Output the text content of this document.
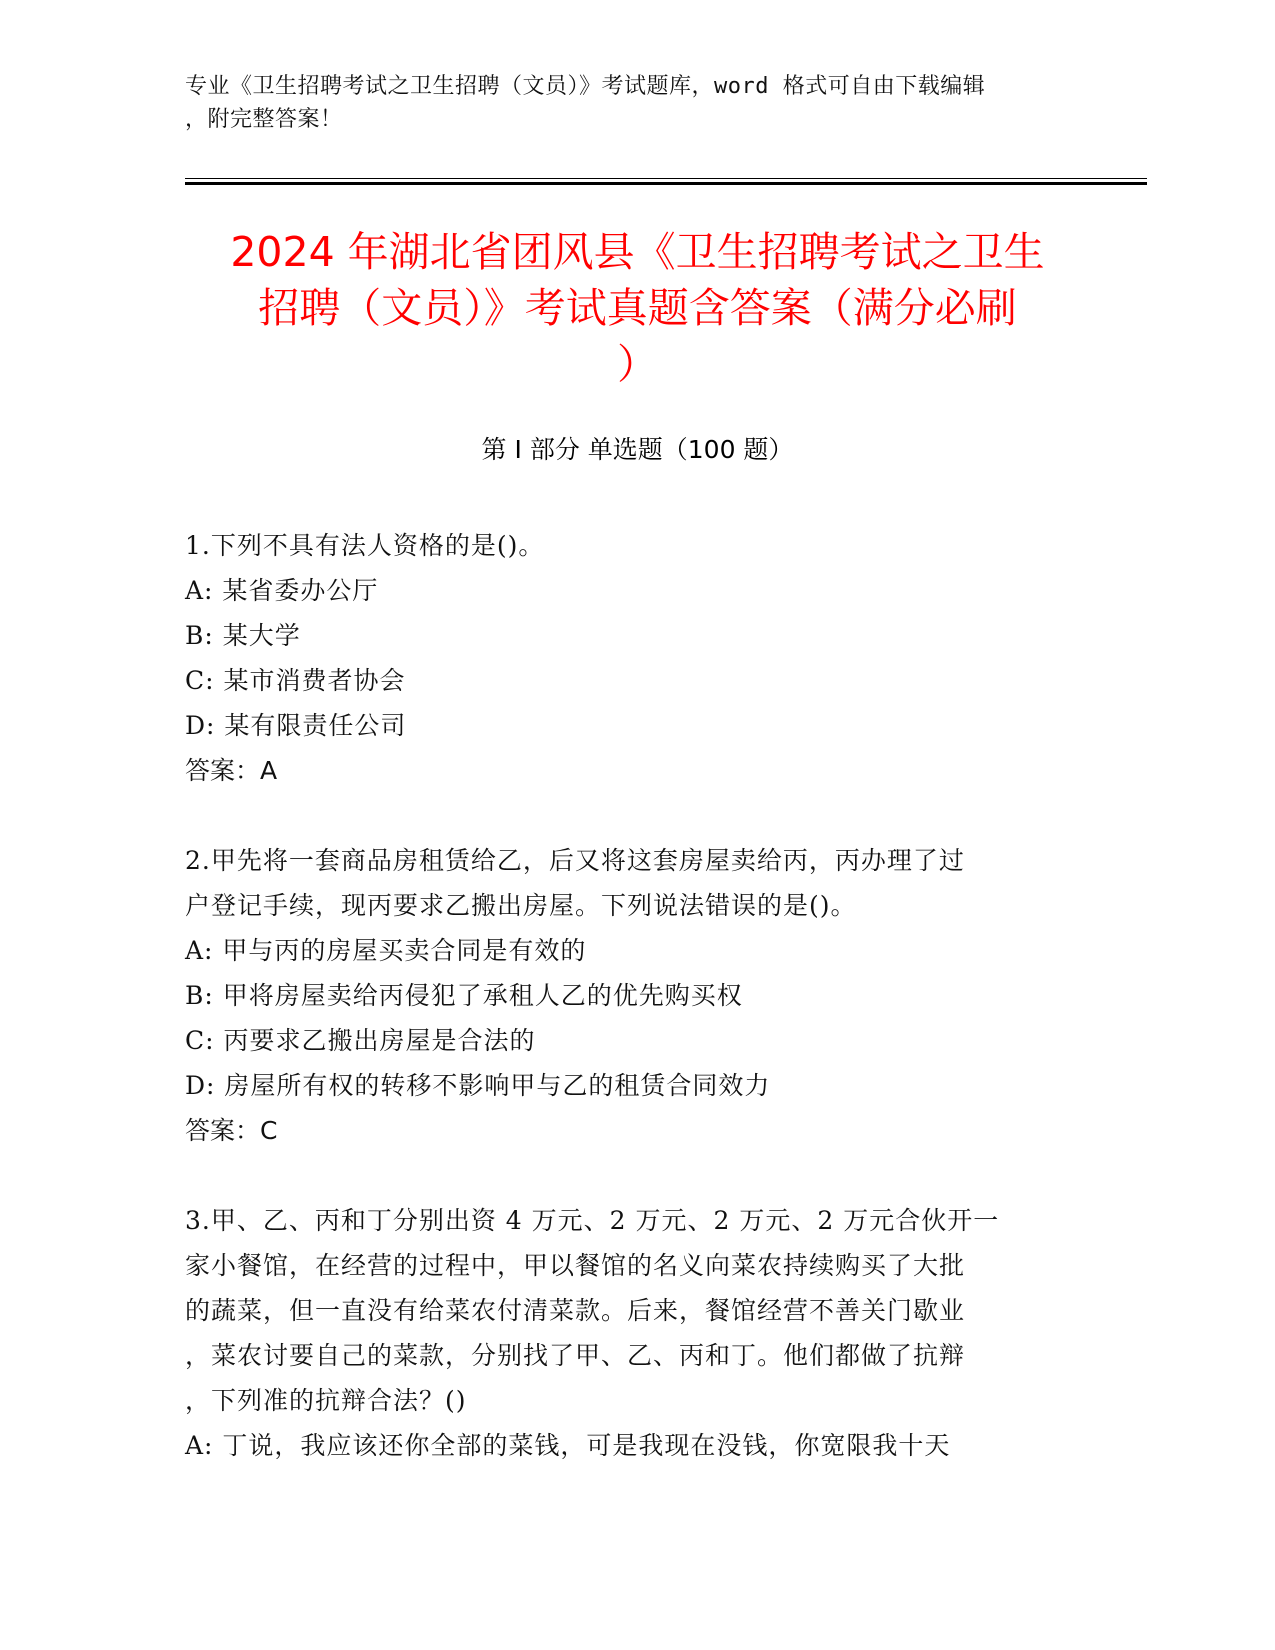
专业《卫生招聘考试之卫生招聘（文员）》考试题库，word 格式可自由下载编辑
，附完整答案！
2024 年湖北省团风县《卫生招聘考试之卫生
招聘（文员）》考试真题含答案（满分必刷
）
第 I 部分 单选题（100 题）
1.下列不具有法人资格的是()。
A: 某省委办公厅
B: 某大学
C: 某市消费者协会
D: 某有限责任公司
答案：A
2.甲先将一套商品房租赁给乙，后又将这套房屋卖给丙，丙办理了过
户登记手续，现丙要求乙搬出房屋。下列说法错误的是()。
A: 甲与丙的房屋买卖合同是有效的
B: 甲将房屋卖给丙侵犯了承租人乙的优先购买权
C: 丙要求乙搬出房屋是合法的
D: 房屋所有权的转移不影响甲与乙的租赁合同效力
答案：C
3.甲、乙、丙和丁分别出资 4 万元、2 万元、2 万元、2 万元合伙开一
家小餐馆，在经营的过程中，甲以餐馆的名义向菜农持续购买了大批
的蔬菜，但一直没有给菜农付清菜款。后来，餐馆经营不善关门歇业
，菜农讨要自己的菜款，分别找了甲、乙、丙和丁。他们都做了抗辩
，下列准的抗辩合法？()
A: 丁说，我应该还你全部的菜钱，可是我现在没钱，你宽限我十天
